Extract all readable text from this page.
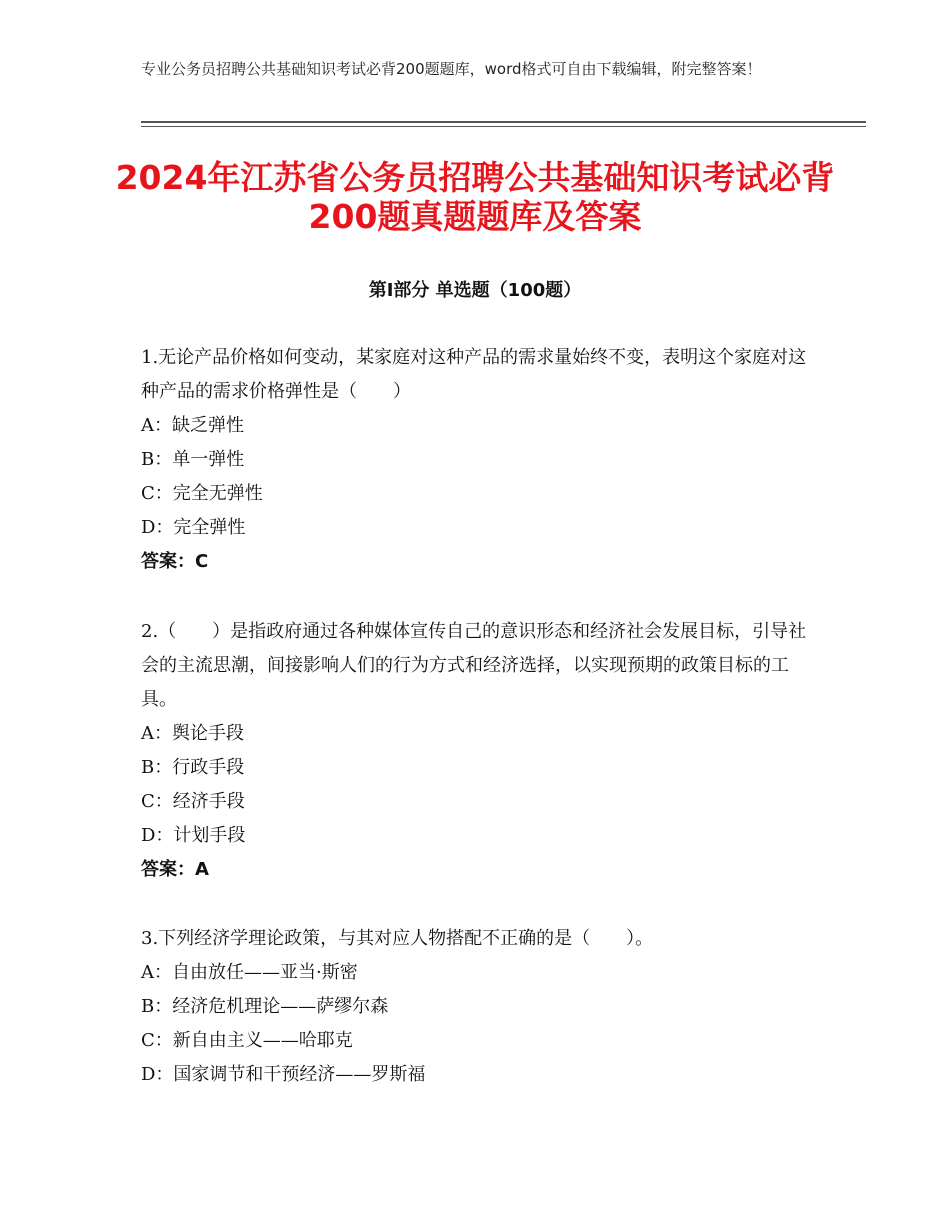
专业公务员招聘公共基础知识考试必背200题题库，word格式可自由下载编辑，附完整答案！
2024年江苏省公务员招聘公共基础知识考试必背200题真题题库及答案
第Ⅰ部分 单选题（100题）
1.无论产品价格如何变动，某家庭对这种产品的需求量始终不变，表明这个家庭对这种产品的需求价格弹性是（　　）
A：缺乏弹性
B：单一弹性
C：完全无弹性
D：完全弹性
答案：C
2.（　　）是指政府通过各种媒体宣传自己的意识形态和经济社会发展目标，引导社会的主流思潮，间接影响人们的行为方式和经济选择，以实现预期的政策目标的工具。
A：舆论手段
B：行政手段
C：经济手段
D：计划手段
答案：A
3.下列经济学理论政策，与其对应人物搭配不正确的是（　　）。
A：自由放任——亚当·斯密
B：经济危机理论——萨缪尔森
C：新自由主义——哈耶克
D：国家调节和干预经济——罗斯福
